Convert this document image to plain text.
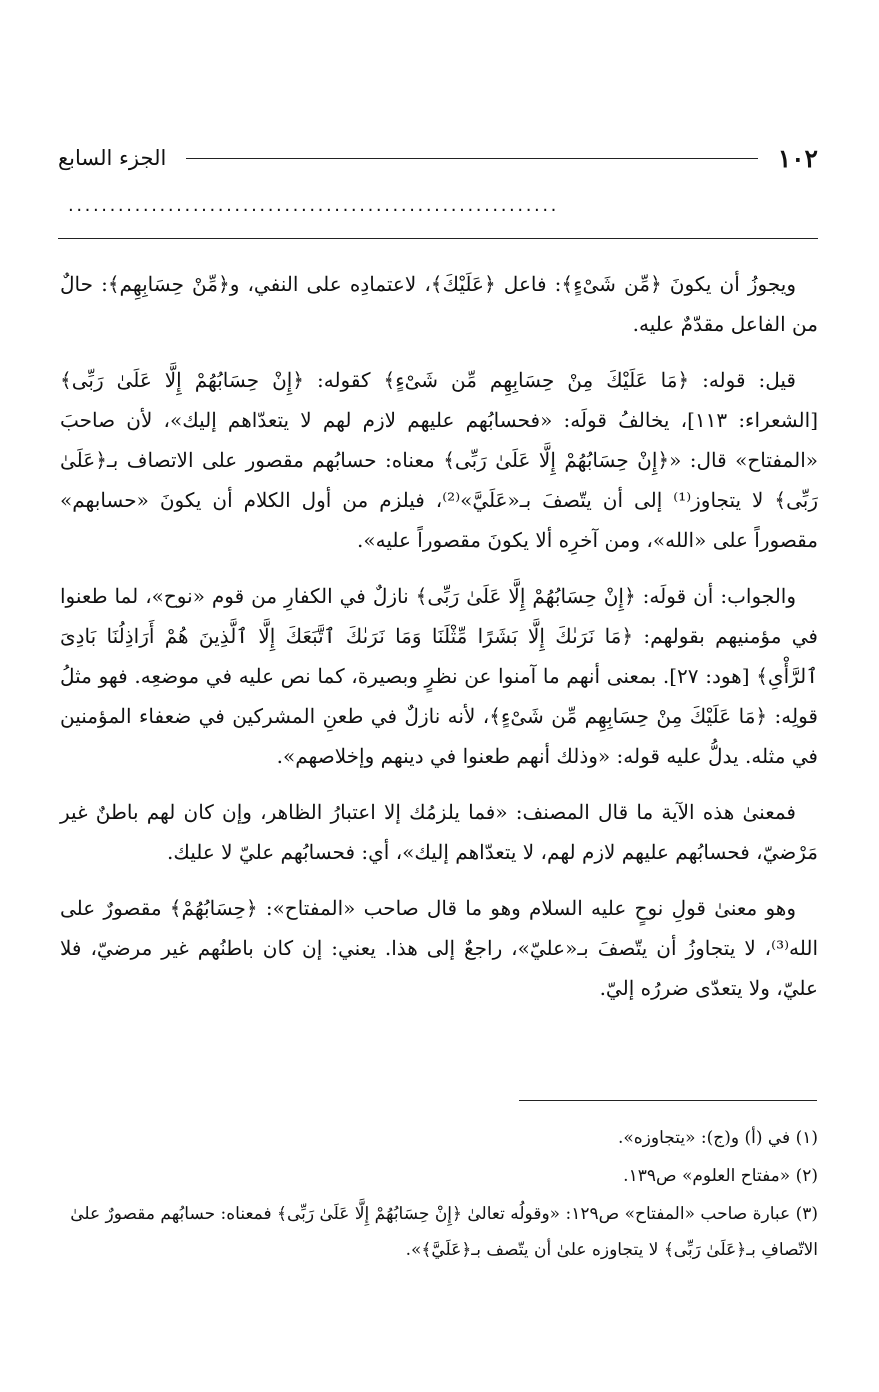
١٠٢
الجزء السابع
...........................................................

ويجوزُ أن يكونَ ﴿مِّن شَىْءٍ﴾: فاعل ﴿عَلَيْكَ﴾، لاعتمادِه على النفي، و﴿مِّنْ حِسَابِهِم﴾: حالٌ من الفاعل مقدّمٌ عليه.

قيل: قوله: ﴿مَا عَلَيْكَ مِنْ حِسَابِهِم مِّن شَىْءٍ﴾ كقوله: ﴿إِنْ حِسَابُهُمْ إِلَّا عَلَىٰ رَبِّى﴾ [الشعراء: ١١٣]، يخالفُ قولَه: «فحسابُهم عليهم لازم لهم لا يتعدّاهم إليك»، لأن صاحبَ «المفتاح» قال: «﴿إِنْ حِسَابُهُمْ إِلَّا عَلَىٰ رَبِّى﴾ معناه: حسابُهم مقصور على الاتصاف بـ﴿عَلَىٰ رَبِّى﴾ لا يتجاوز⁽¹⁾ إلى أن يتّصفَ بـ«عَلَيَّ»⁽²⁾، فيلزم من أول الكلام أن يكونَ «حسابهم» مقصوراً على «الله»، ومن آخرِه ألا يكونَ مقصوراً عليه».

والجواب: أن قولَه: ﴿إِنْ حِسَابُهُمْ إِلَّا عَلَىٰ رَبِّى﴾ نازلٌ في الكفارِ من قوم «نوح»، لما طعنوا في مؤمنيهم بقولهم: ﴿مَا نَرَىٰكَ إِلَّا بَشَرًا مِّثْلَنَا وَمَا نَرَىٰكَ ٱتَّبَعَكَ إِلَّا ٱلَّذِينَ هُمْ أَرَاذِلُنَا بَادِىَ ٱلرَّأْىِ﴾ [هود: ٢٧]. بمعنى أنهم ما آمنوا عن نظرٍ وبصيرة، كما نص عليه في موضعِه. فهو مثلُ قولِه: ﴿مَا عَلَيْكَ مِنْ حِسَابِهِم مِّن شَىْءٍ﴾، لأنه نازلٌ في طعنِ المشركين في ضعفاء المؤمنين في مثله. يدلُّ عليه قوله: «وذلك أنهم طعنوا في دينهم وإخلاصهم».

فمعنىٰ هذه الآية ما قال المصنف: «فما يلزمُك إلا اعتبارُ الظاهر، وإن كان لهم باطنٌ غير مَرْضيّ، فحسابُهم عليهم لازم لهم، لا يتعدّاهم إليك»، أي: فحسابُهم عليّ لا عليك.

وهو معنىٰ قولِ نوحٍ عليه السلام وهو ما قال صاحب «المفتاح»: ﴿حِسَابُهُمْ﴾ مقصورٌ على الله⁽³⁾، لا يتجاوزُ أن يتّصفَ بـ«عليّ»، راجعٌ إلى هذا. يعني: إن كان باطنُهم غير مرضيّ، فلا عليّ، ولا يتعدّى ضررُه إليّ.

(١) في (أ) و(ج): «يتجاوزه».

(٢) «مفتاح العلوم» ص١٣٩.

(٣) عبارة صاحب «المفتاح» ص١٢٩: «وقولُه تعالىٰ ﴿إِنْ حِسَابُهُمْ إِلَّا عَلَىٰ رَبِّى﴾ فمعناه: حسابُهم مقصورٌ علىٰ الاتّصافِ بـ﴿عَلَىٰ رَبِّى﴾ لا يتجاوزه علىٰ أن يتّصف بـ﴿عَلَيَّ﴾».
